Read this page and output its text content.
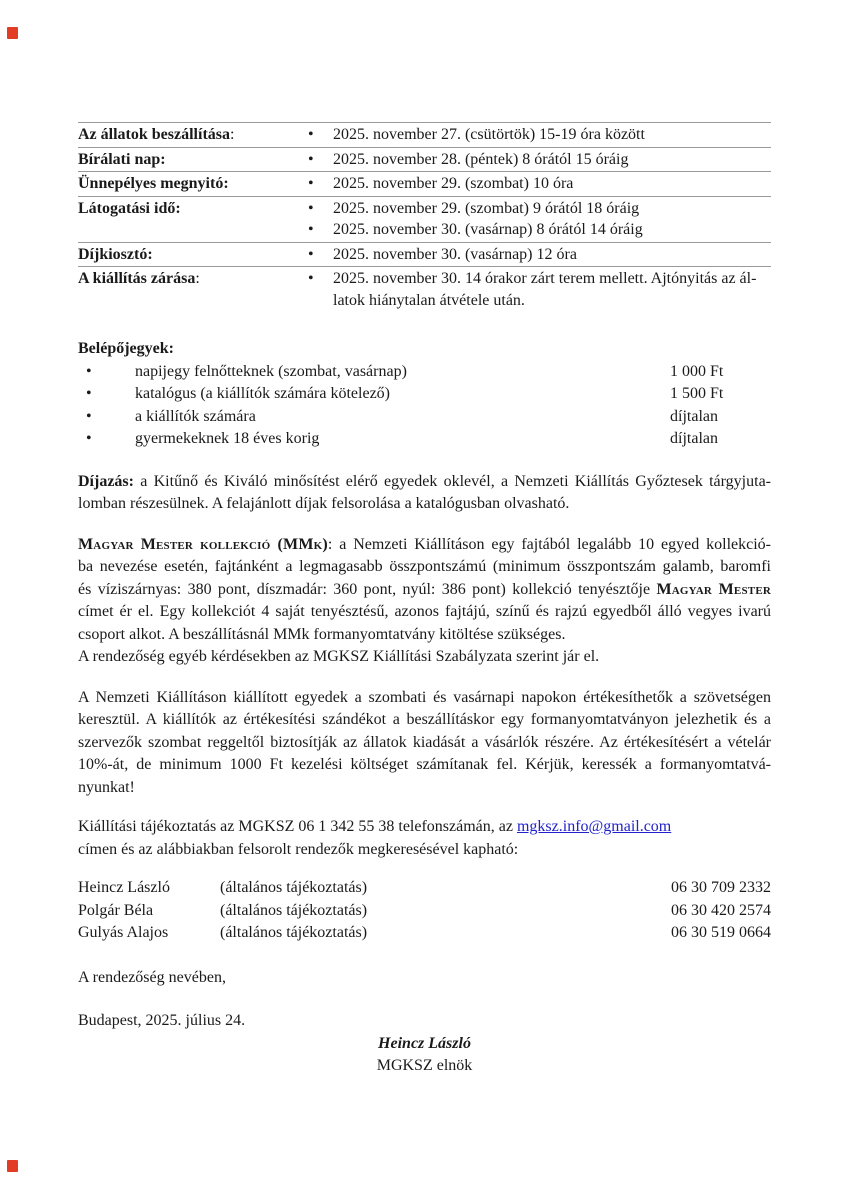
Az állatok beszállítása:	•	2025. november 27. (csütörtök) 15-19 óra között
Bírálati nap:	•	2025. november 28. (péntek) 8 órától 15 óráig
Ünnepélyes megnyitó:	•	2025. november 29. (szombat) 10 óra
Látogatási idő:	•	2025. november 29. (szombat) 9 órától 18 óráig
•	2025. november 30. (vasárnap) 8 órától 14 óráig
Díjkiosztó:	•	2025. november 30. (vasárnap) 12 óra
A kiállítás zárása:	•	2025. november 30. 14 órakor zárt terem mellett. Ajtónyitás az ál-
latok hiánytalan átvétele után.
Belépőjegyek:
•	napijegy felnőtteknek (szombat, vasárnap)	1 000 Ft
•	katalógus (a kiállítók számára kötelező)	1 500 Ft
•	a kiállítók számára	díjtalan
•	gyermekeknek 18 éves korig	díjtalan
Díjazás: a Kitűnő és Kiváló minősítést elérő egyedek oklevél, a Nemzeti Kiállítás Győztesek tárgyjuta-
lomban részesülnek. A felajánlott díjak felsorolása a katalógusban olvasható.
Magyar Mester kollekció (MMk): a Nemzeti Kiállításon egy fajtából legalább 10 egyed kollekció-
ba nevezése esetén, fajtánként a legmagasabb összpontszámú (minimum összpontszám galamb, baromfi
és víziszárnyas: 380 pont, díszmadár: 360 pont, nyúl: 386 pont) kollekció tenyésztője Magyar Mester
címet ér el. Egy kollekciót 4 saját tenyésztésű, azonos fajtájú, színű és rajzú egyedből álló vegyes ivarú
csoport alkot. A beszállításnál MMk formanyomtatvány kitöltése szükséges.
A rendezőség egyéb kérdésekben az MGKSZ Kiállítási Szabályzata szerint jár el.
A Nemzeti Kiállításon kiállított egyedek a szombati és vasárnapi napokon értékesíthetők a szövetségen
keresztül. A kiállítók az értékesítési szándékot a beszállításkor egy formanyomtatványon jelezhetik és a
szervezők szombat reggeltől biztosítják az állatok kiadását a vásárlók részére. Az értékesítésért a vételár
10%-át, de minimum 1000 Ft kezelési költséget számítanak fel. Kérjük, keressék a formanyomtatvá-
nyunkat!
Kiállítási tájékoztatás az MGKSZ 06 1 342 55 38 telefonszámán, az mgksz.info@gmail.com
címen és az alábbiakban felsorolt rendezők megkeresésével kapható:
Heincz László	(általános tájékoztatás)	06 30 709 2332
Polgár Béla	(általános tájékoztatás)	06 30 420 2574
Gulyás Alajos	(általános tájékoztatás)	06 30 519 0664
A rendezőség nevében,
Budapest, 2025. július 24.
Heincz László
MGKSZ elnök
